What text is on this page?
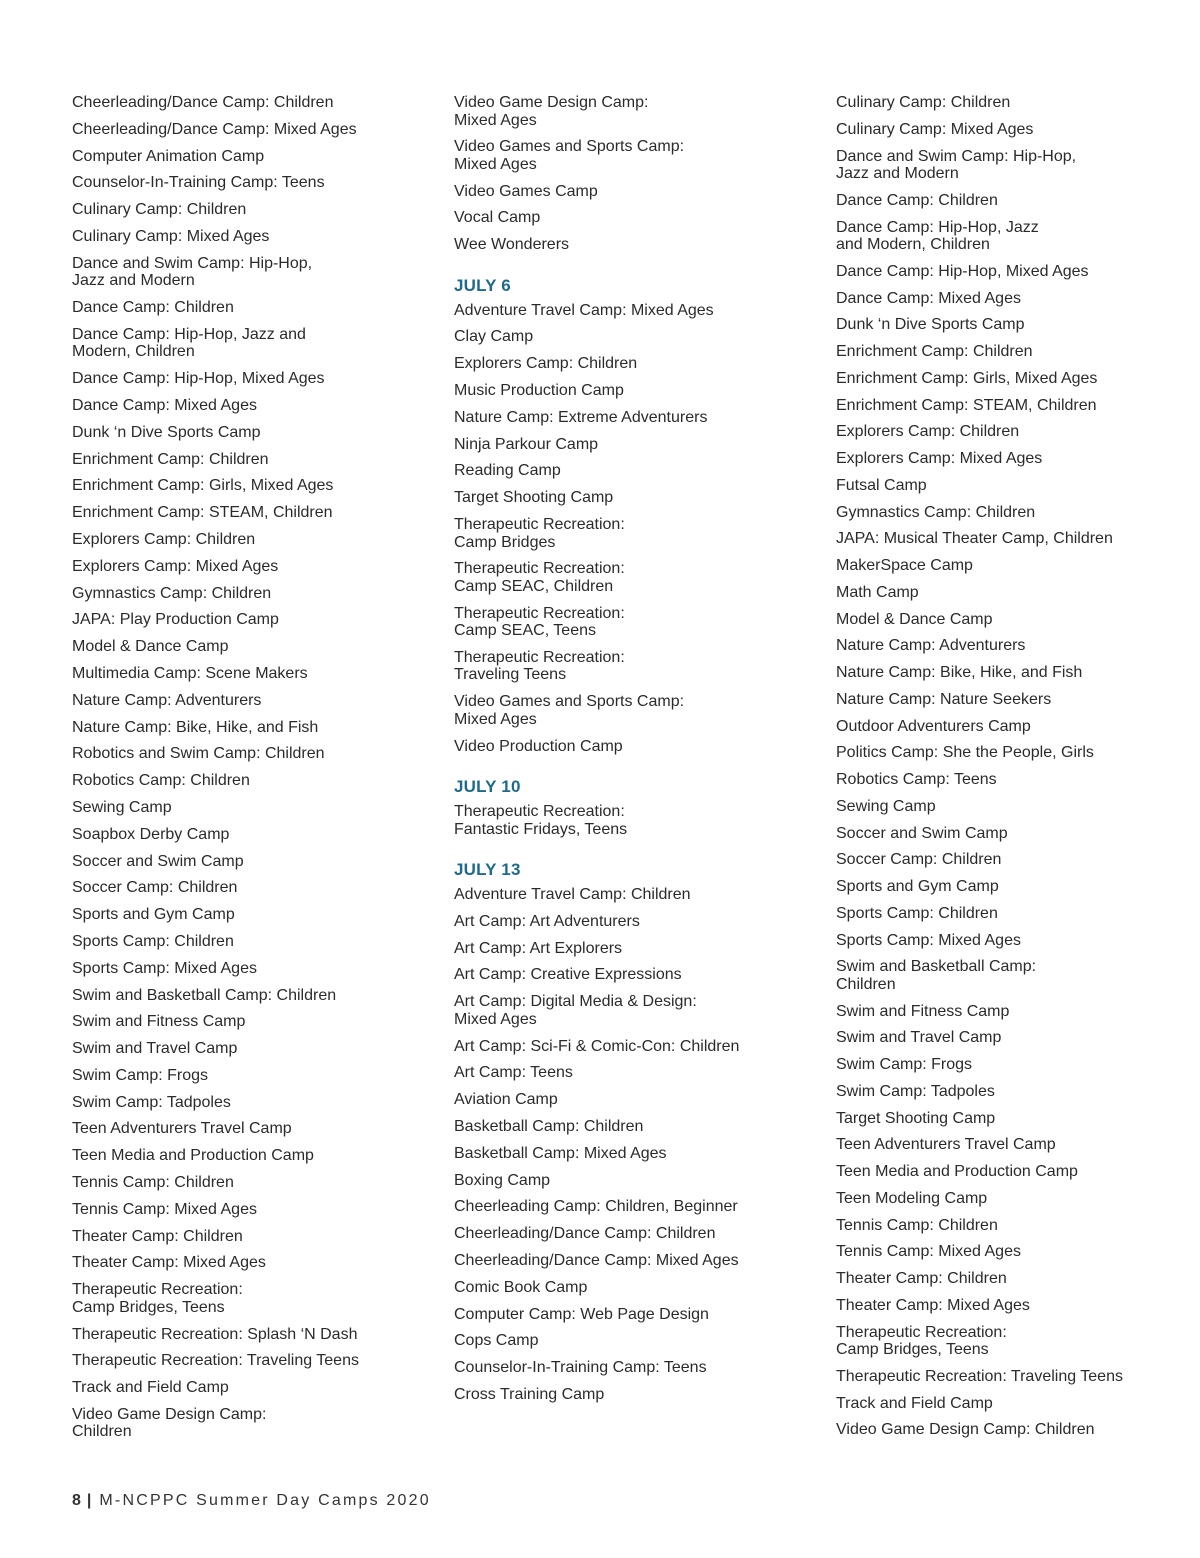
Cheerleading/Dance Camp: Children
Cheerleading/Dance Camp: Mixed Ages
Computer Animation Camp
Counselor-In-Training Camp: Teens
Culinary Camp: Children
Culinary Camp: Mixed Ages
Dance and Swim Camp: Hip-Hop,
Jazz and Modern
Dance Camp: Children
Dance Camp: Hip-Hop, Jazz and
Modern, Children
Dance Camp: Hip-Hop, Mixed Ages
Dance Camp: Mixed Ages
Dunk ‘n Dive Sports Camp
Enrichment Camp: Children
Enrichment Camp: Girls, Mixed Ages
Enrichment Camp: STEAM, Children
Explorers Camp: Children
Explorers Camp: Mixed Ages
Gymnastics Camp: Children
JAPA: Play Production Camp
Model & Dance Camp
Multimedia Camp: Scene Makers
Nature Camp: Adventurers
Nature Camp: Bike, Hike, and Fish
Robotics and Swim Camp: Children
Robotics Camp: Children
Sewing Camp
Soapbox Derby Camp
Soccer and Swim Camp
Soccer Camp: Children
Sports and Gym Camp
Sports Camp: Children
Sports Camp: Mixed Ages
Swim and Basketball Camp: Children
Swim and Fitness Camp
Swim and Travel Camp
Swim Camp: Frogs
Swim Camp: Tadpoles
Teen Adventurers Travel Camp
Teen Media and Production Camp
Tennis Camp: Children
Tennis Camp: Mixed Ages
Theater Camp: Children
Theater Camp: Mixed Ages
Therapeutic Recreation:
Camp Bridges, Teens
Therapeutic Recreation: Splash ‘N Dash
Therapeutic Recreation: Traveling Teens
Track and Field Camp
Video Game Design Camp:
Children
Video Game Design Camp:
Mixed Ages
Video Games and Sports Camp:
Mixed Ages
Video Games Camp
Vocal Camp
Wee Wonderers
JULY 6
Adventure Travel Camp: Mixed Ages
Clay Camp
Explorers Camp: Children
Music Production Camp
Nature Camp: Extreme Adventurers
Ninja Parkour Camp
Reading Camp
Target Shooting Camp
Therapeutic Recreation:
Camp Bridges
Therapeutic Recreation:
Camp SEAC, Children
Therapeutic Recreation:
Camp SEAC, Teens
Therapeutic Recreation:
Traveling Teens
Video Games and Sports Camp:
Mixed Ages
Video Production Camp
JULY 10
Therapeutic Recreation:
Fantastic Fridays, Teens
JULY 13
Adventure Travel Camp: Children
Art Camp: Art Adventurers
Art Camp: Art Explorers
Art Camp: Creative Expressions
Art Camp: Digital Media & Design:
Mixed Ages
Art Camp: Sci-Fi & Comic-Con: Children
Art Camp: Teens
Aviation Camp
Basketball Camp: Children
Basketball Camp: Mixed Ages
Boxing Camp
Cheerleading Camp: Children, Beginner
Cheerleading/Dance Camp: Children
Cheerleading/Dance Camp: Mixed Ages
Comic Book Camp
Computer Camp: Web Page Design
Cops Camp
Counselor-In-Training Camp: Teens
Cross Training Camp
Culinary Camp: Children
Culinary Camp: Mixed Ages
Dance and Swim Camp: Hip-Hop,
Jazz and Modern
Dance Camp: Children
Dance Camp: Hip-Hop, Jazz
and Modern, Children
Dance Camp: Hip-Hop, Mixed Ages
Dance Camp: Mixed Ages
Dunk ‘n Dive Sports Camp
Enrichment Camp: Children
Enrichment Camp: Girls, Mixed Ages
Enrichment Camp: STEAM, Children
Explorers Camp: Children
Explorers Camp: Mixed Ages
Futsal Camp
Gymnastics Camp: Children
JAPA: Musical Theater Camp, Children
MakerSpace Camp
Math Camp
Model & Dance Camp
Nature Camp: Adventurers
Nature Camp: Bike, Hike, and Fish
Nature Camp: Nature Seekers
Outdoor Adventurers Camp
Politics Camp: She the People, Girls
Robotics Camp: Teens
Sewing Camp
Soccer and Swim Camp
Soccer Camp: Children
Sports and Gym Camp
Sports Camp: Children
Sports Camp: Mixed Ages
Swim and Basketball Camp:
Children
Swim and Fitness Camp
Swim and Travel Camp
Swim Camp: Frogs
Swim Camp: Tadpoles
Target Shooting Camp
Teen Adventurers Travel Camp
Teen Media and Production Camp
Teen Modeling Camp
Tennis Camp: Children
Tennis Camp: Mixed Ages
Theater Camp: Children
Theater Camp: Mixed Ages
Therapeutic Recreation:
Camp Bridges, Teens
Therapeutic Recreation: Traveling Teens
Track and Field Camp
Video Game Design Camp: Children
8 | M-NCPPC Summer Day Camps 2020
